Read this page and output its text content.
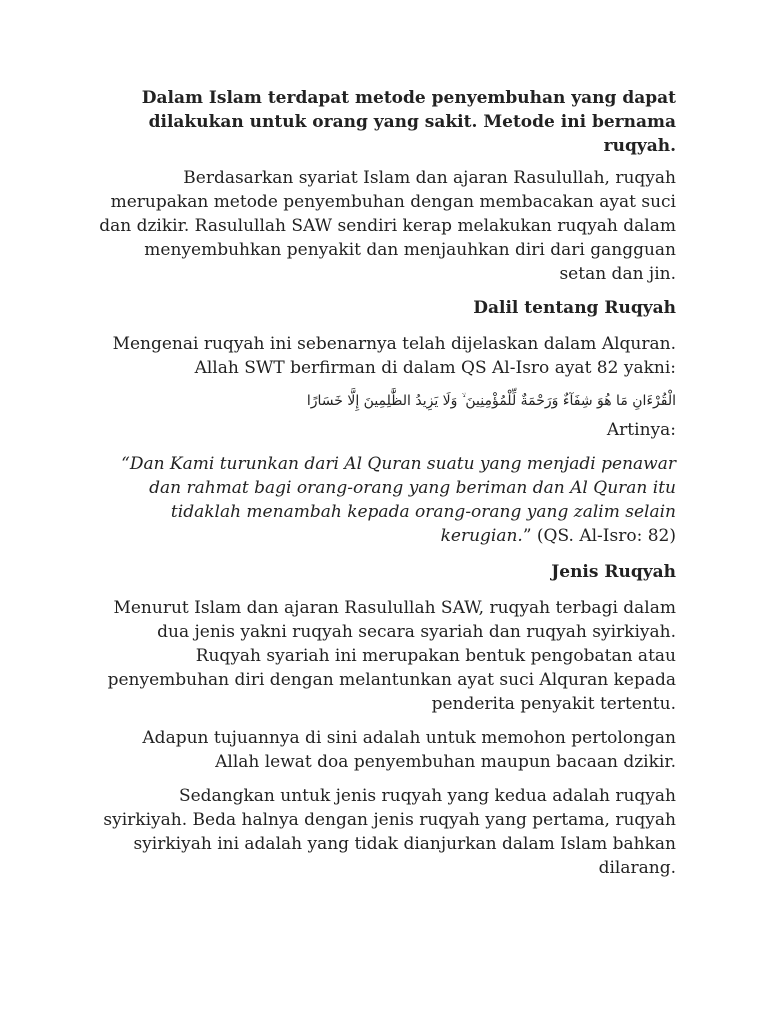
Dalam Islam terdapat metode penyembuhan yang dapat dilakukan untuk orang yang sakit. Metode ini bernama ruqyah.

Berdasarkan syariat Islam dan ajaran Rasulullah, ruqyah merupakan metode penyembuhan dengan membacakan ayat suci dan dzikir. Rasulullah SAW sendiri kerap melakukan ruqyah dalam menyembuhkan penyakit dan menjauhkan diri dari gangguan setan dan jin.

Dalil tentang Ruqyah

Mengenai ruqyah ini sebenarnya telah dijelaskan dalam Alquran. Allah SWT berfirman di dalam QS Al-Isro ayat 82 yakni:

الْقُرْءَانِ مَا هُوَ شِفَآءٌ وَرَحْمَةٌ لِّلْمُؤْمِنِينَ ۙ وَلَا يَزِيدُ الظَّٰلِمِينَ إِلَّا خَسَارًا

Artinya:

“Dan Kami turunkan dari Al Quran suatu yang menjadi penawar dan rahmat bagi orang-orang yang beriman dan Al Quran itu tidaklah menambah kepada orang-orang yang zalim selain kerugian.” (QS. Al-Isro: 82)

Jenis Ruqyah

Menurut Islam dan ajaran Rasulullah SAW, ruqyah terbagi dalam dua jenis yakni ruqyah secara syariah dan ruqyah syirkiyah. Ruqyah syariah ini merupakan bentuk pengobatan atau penyembuhan diri dengan melantunkan ayat suci Alquran kepada penderita penyakit tertentu.

Adapun tujuannya di sini adalah untuk memohon pertolongan Allah lewat doa penyembuhan maupun bacaan dzikir.

Sedangkan untuk jenis ruqyah yang kedua adalah ruqyah syirkiyah. Beda halnya dengan jenis ruqyah yang pertama, ruqyah syirkiyah ini adalah yang tidak dianjurkan dalam Islam bahkan dilarang.
